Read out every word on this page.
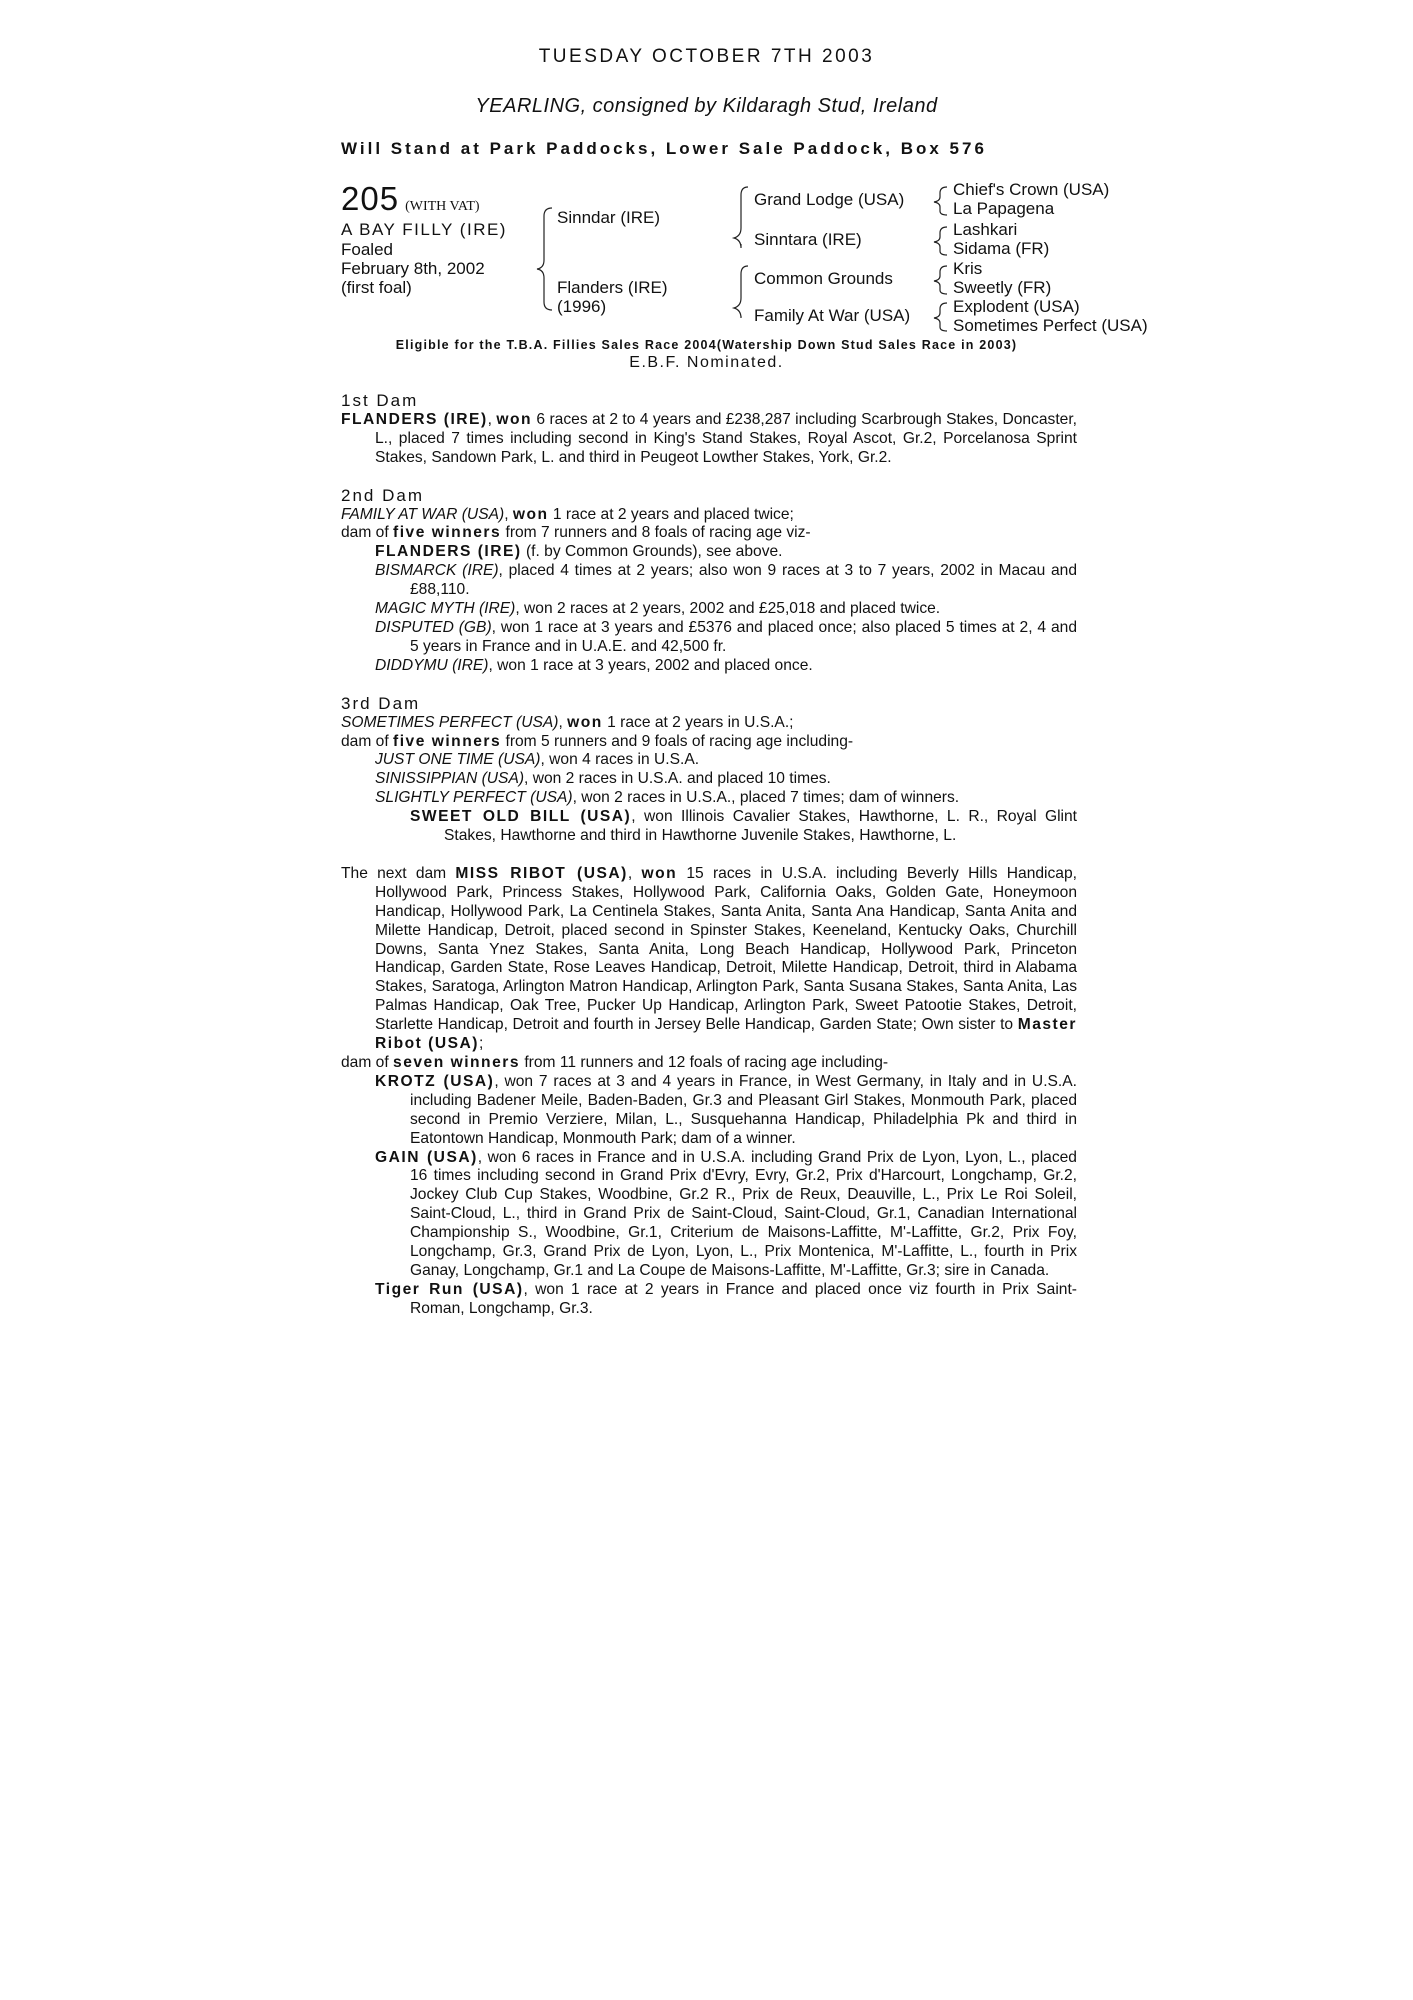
TUESDAY OCTOBER 7TH 2003
YEARLING, consigned by Kildaragh Stud, Ireland
Will Stand at Park Paddocks, Lower Sale Paddock, Box 576
205 (WITH VAT)
A BAY FILLY (IRE)
Foaled
February 8th, 2002
(first foal)
Sinndar (IRE)
Flanders (IRE)
(1996)
Grand Lodge (USA)
Sinntara (IRE)
Common Grounds
Family At War (USA)
Chief's Crown (USA)
La Papagena
Lashkari
Sidama (FR)
Kris
Sweetly (FR)
Explodent (USA)
Sometimes Perfect (USA)
Eligible for the T.B.A. Fillies Sales Race 2004(Watership Down Stud Sales Race in 2003)
E.B.F. Nominated.
1st Dam

FLANDERS (IRE), won 6 races at 2 to 4 years and £238,287 including Scarbrough Stakes, Doncaster, L., placed 7 times including second in King's Stand Stakes, Royal Ascot, Gr.2, Porcelanosa Sprint Stakes, Sandown Park, L. and third in Peugeot Lowther Stakes, York, Gr.2.

2nd Dam

FAMILY AT WAR (USA), won 1 race at 2 years and placed twice;

dam of five winners from 7 runners and 8 foals of racing age viz-

FLANDERS (IRE) (f. by Common Grounds), see above.

BISMARCK (IRE), placed 4 times at 2 years; also won 9 races at 3 to 7 years, 2002 in Macau and £88,110.

MAGIC MYTH (IRE), won 2 races at 2 years, 2002 and £25,018 and placed twice.

DISPUTED (GB), won 1 race at 3 years and £5376 and placed once; also placed 5 times at 2, 4 and 5 years in France and in U.A.E. and 42,500 fr.

DIDDYMU (IRE), won 1 race at 3 years, 2002 and placed once.

3rd Dam

SOMETIMES PERFECT (USA), won 1 race at 2 years in U.S.A.;

dam of five winners from 5 runners and 9 foals of racing age including-

JUST ONE TIME (USA), won 4 races in U.S.A.

SINISSIPPIAN (USA), won 2 races in U.S.A. and placed 10 times.

SLIGHTLY PERFECT (USA), won 2 races in U.S.A., placed 7 times; dam of winners.

SWEET OLD BILL (USA), won Illinois Cavalier Stakes, Hawthorne, L. R., Royal Glint Stakes, Hawthorne and third in Hawthorne Juvenile Stakes, Hawthorne, L.

The next dam MISS RIBOT (USA), won 15 races in U.S.A. including Beverly Hills Handicap, Hollywood Park, Princess Stakes, Hollywood Park, California Oaks, Golden Gate, Honeymoon Handicap, Hollywood Park, La Centinela Stakes, Santa Anita, Santa Ana Handicap, Santa Anita and Milette Handicap, Detroit, placed second in Spinster Stakes, Keeneland, Kentucky Oaks, Churchill Downs, Santa Ynez Stakes, Santa Anita, Long Beach Handicap, Hollywood Park, Princeton Handicap, Garden State, Rose Leaves Handicap, Detroit, Milette Handicap, Detroit, third in Alabama Stakes, Saratoga, Arlington Matron Handicap, Arlington Park, Santa Susana Stakes, Santa Anita, Las Palmas Handicap, Oak Tree, Pucker Up Handicap, Arlington Park, Sweet Patootie Stakes, Detroit, Starlette Handicap, Detroit and fourth in Jersey Belle Handicap, Garden State; Own sister to Master Ribot (USA);

dam of seven winners from 11 runners and 12 foals of racing age including-

KROTZ (USA), won 7 races at 3 and 4 years in France, in West Germany, in Italy and in U.S.A. including Badener Meile, Baden-Baden, Gr.3 and Pleasant Girl Stakes, Monmouth Park, placed second in Premio Verziere, Milan, L., Susquehanna Handicap, Philadelphia Pk and third in Eatontown Handicap, Monmouth Park; dam of a winner.

GAIN (USA), won 6 races in France and in U.S.A. including Grand Prix de Lyon, Lyon, L., placed 16 times including second in Grand Prix d'Evry, Evry, Gr.2, Prix d'Harcourt, Longchamp, Gr.2, Jockey Club Cup Stakes, Woodbine, Gr.2 R., Prix de Reux, Deauville, L., Prix Le Roi Soleil, Saint-Cloud, L., third in Grand Prix de Saint-Cloud, Saint-Cloud, Gr.1, Canadian International Championship S., Woodbine, Gr.1, Criterium de Maisons-Laffitte, M'-Laffitte, Gr.2, Prix Foy, Longchamp, Gr.3, Grand Prix de Lyon, Lyon, L., Prix Montenica, M'-Laffitte, L., fourth in Prix Ganay, Longchamp, Gr.1 and La Coupe de Maisons-Laffitte, M'-Laffitte, Gr.3; sire in Canada.

Tiger Run (USA), won 1 race at 2 years in France and placed once viz fourth in Prix Saint-Roman, Longchamp, Gr.3.
